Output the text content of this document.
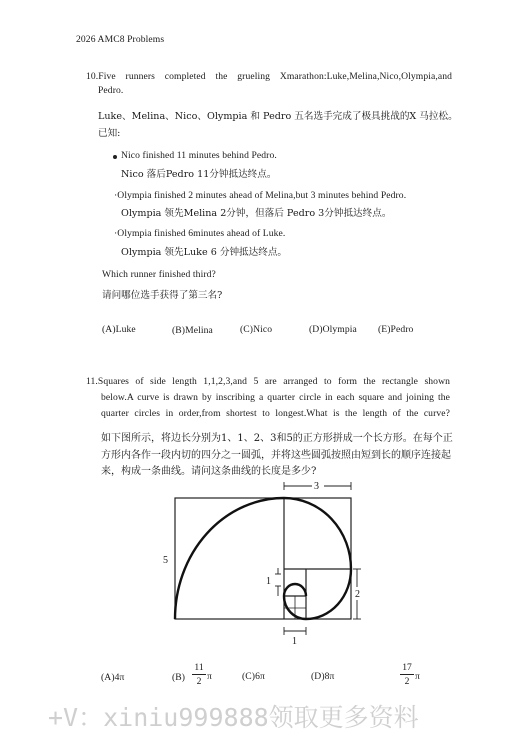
2026 AMC8 Problems
10.Five runners completed the grueling Xmarathon:Luke,Melina,Nico,Olympia,and
Pedro.
Luke、Melina、Nico、Olympia 和 Pedro 五名选手完成了极具挑战的X 马拉松。
已知:
Nico finished 11 minutes behind Pedro.
Nico 落后Pedro 11分钟抵达终点。
·Olympia finished 2 minutes ahead of Melina,but 3 minutes behind Pedro.
Olympia 领先Melina 2分钟，但落后 Pedro 3分钟抵达终点。
·Olympia finished 6minutes ahead of Luke.
Olympia 领先Luke 6 分钟抵达终点。
Which runner finished third?
请问哪位选手获得了第三名?
(A)Luke	(B)Melina	(C)Nico	(D)Olympia (E)Pedro
11.Squares of side length 1,1,2,3,and 5 are arranged to form the rectangle shown
below.A curve is drawn by inscribing a quarter circle in each square and joining the
quarter circles in order,from shortest to longest.What is the length of the curve?
如下图所示，将边长分别为1、1、2、3和5的正方形拼成一个长方形。在每个正
方形内各作一段内切的四分之一圆弧，并将这些圆弧按照由短到长的顺序连接起
来，构成一条曲线。请问这条曲线的长度是多少?
3
5
1
2
1
(A)4π	(B)
11
2 π	(C)6π	(D)8π
17
2 π
+V：xiniu999888领取更多资料
